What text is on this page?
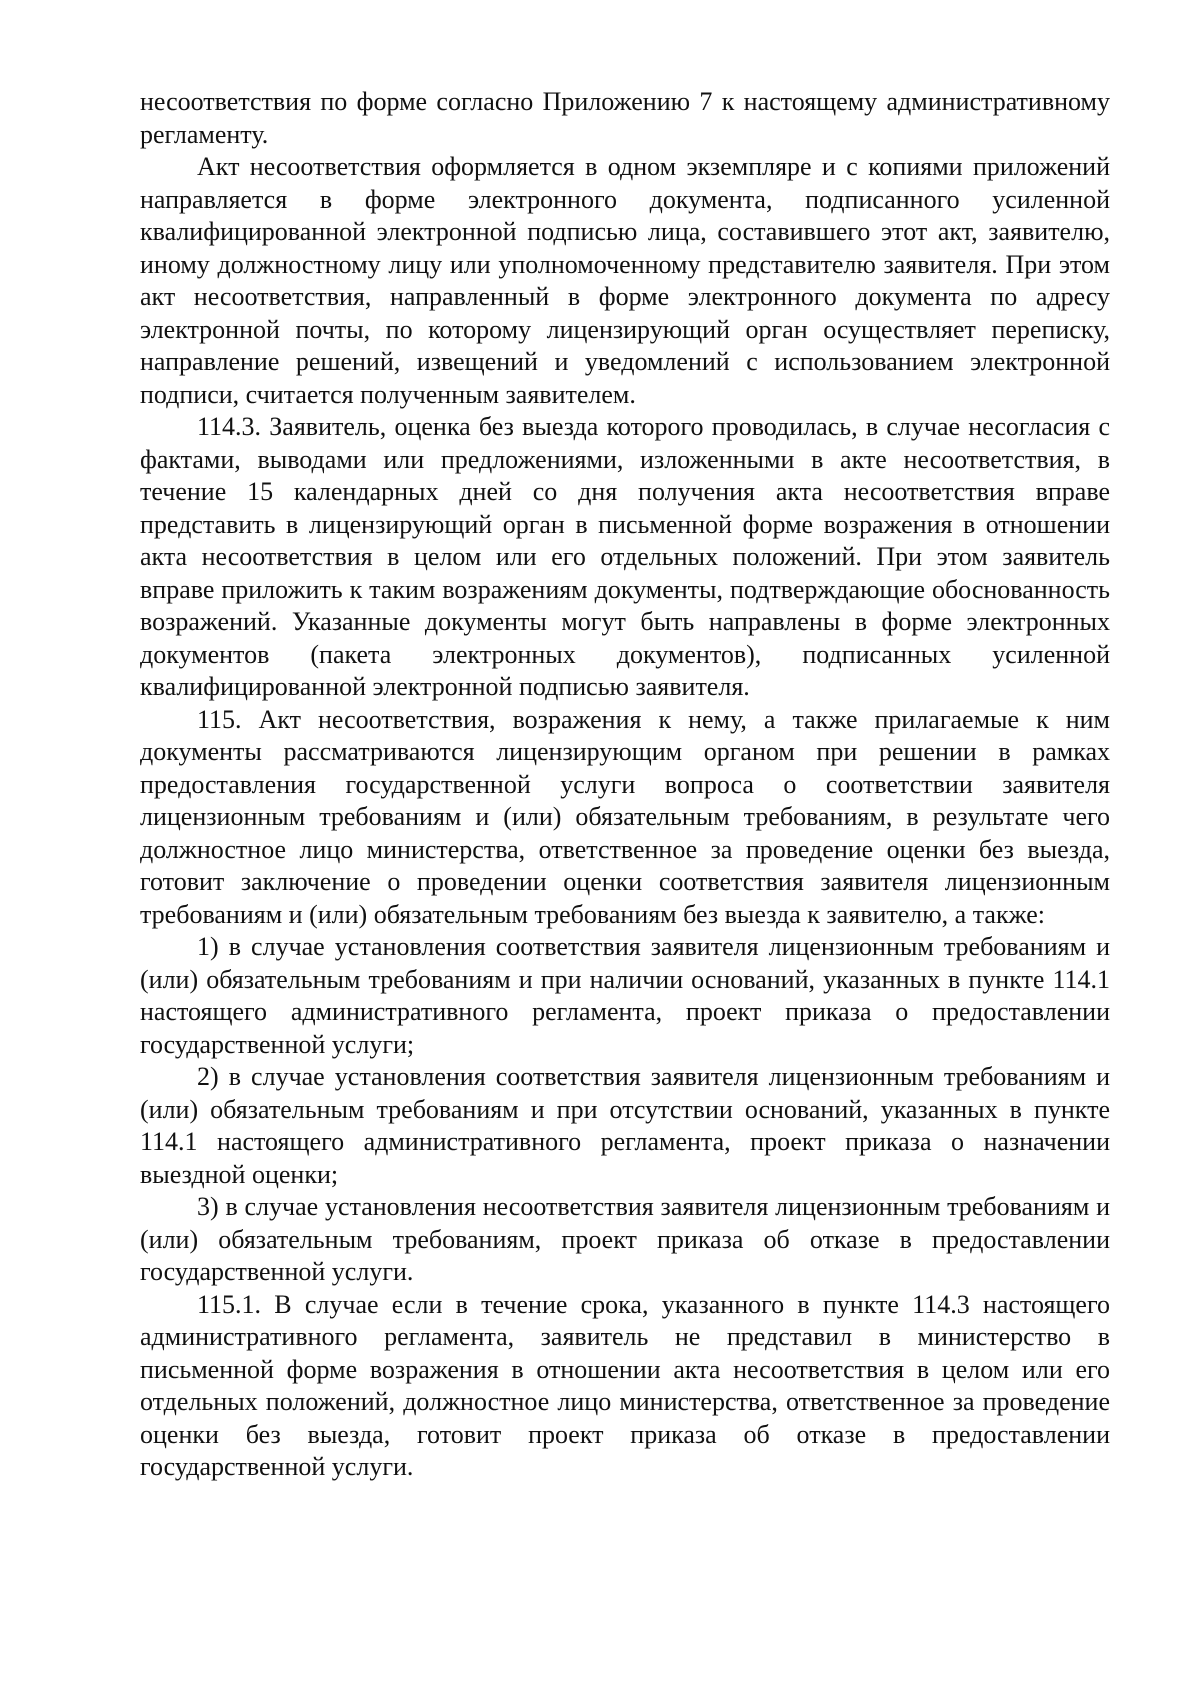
несоответствия по форме согласно Приложению 7 к настоящему административному регламенту.

Акт несоответствия оформляется в одном экземпляре и с копиями приложений направляется в форме электронного документа, подписанного усиленной квалифицированной электронной подписью лица, составившего этот акт, заявителю, иному должностному лицу или уполномоченному представителю заявителя. При этом акт несоответствия, направленный в форме электронного документа по адресу электронной почты, по которому лицензирующий орган осуществляет переписку, направление решений, извещений и уведомлений с использованием электронной подписи, считается полученным заявителем.

114.3. Заявитель, оценка без выезда которого проводилась, в случае несогласия с фактами, выводами или предложениями, изложенными в акте несоответствия, в течение 15 календарных дней со дня получения акта несоответствия вправе представить в лицензирующий орган в письменной форме возражения в отношении акта несоответствия в целом или его отдельных положений. При этом заявитель вправе приложить к таким возражениям документы, подтверждающие обоснованность возражений. Указанные документы могут быть направлены в форме электронных документов (пакета электронных документов), подписанных усиленной квалифицированной электронной подписью заявителя.

115. Акт несоответствия, возражения к нему, а также прилагаемые к ним документы рассматриваются лицензирующим органом при решении в рамках предоставления государственной услуги вопроса о соответствии заявителя лицензионным требованиям и (или) обязательным требованиям, в результате чего должностное лицо министерства, ответственное за проведение оценки без выезда, готовит заключение о проведении оценки соответствия заявителя лицензионным требованиям и (или) обязательным требованиям без выезда к заявителю, а также:

1) в случае установления соответствия заявителя лицензионным требованиям и (или) обязательным требованиям и при наличии оснований, указанных в пункте 114.1 настоящего административного регламента, проект приказа о предоставлении государственной услуги;

2) в случае установления соответствия заявителя лицензионным требованиям и (или) обязательным требованиям и при отсутствии оснований, указанных в пункте 114.1 настоящего административного регламента, проект приказа о назначении выездной оценки;

3) в случае установления несоответствия заявителя лицензионным требованиям и (или) обязательным требованиям, проект приказа об отказе в предоставлении государственной услуги.

115.1. В случае если в течение срока, указанного в пункте 114.3 настоящего административного регламента, заявитель не представил в министерство в письменной форме возражения в отношении акта несоответствия в целом или его отдельных положений, должностное лицо министерства, ответственное за проведение оценки без выезда, готовит проект приказа об отказе в предоставлении государственной услуги.
